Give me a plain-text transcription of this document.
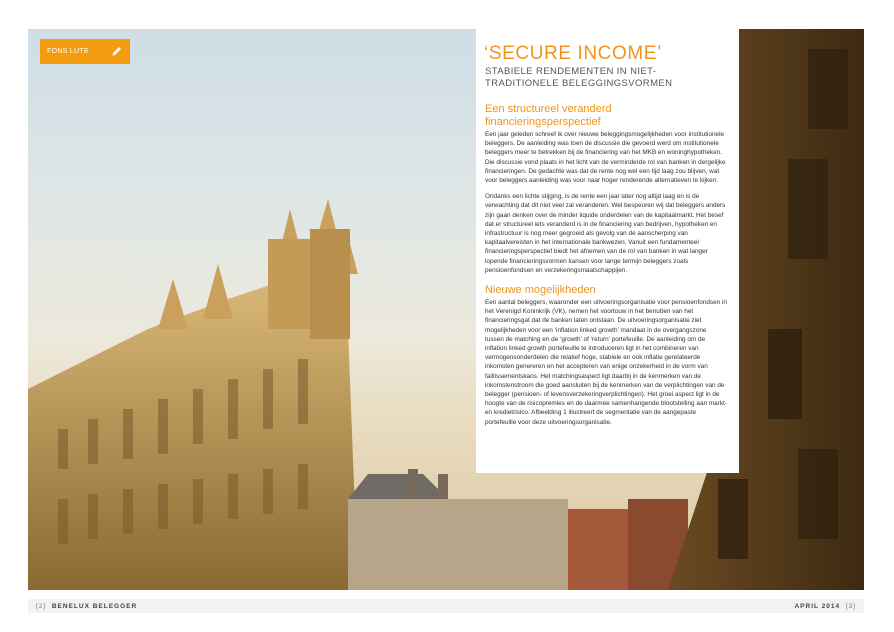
FONS LUTE	‘SECURE INCOME’
STABIELE RENDEMENTEN IN NIET-TRADITIONELE BELEGGINGSVORMEN
Een structureel veranderd financieringsperspectief

Een jaar geleden schreef ik over nieuwe beleggingsmogelijkheden voor institutionele beleggers. De aanleiding was toen de discussie die gevoerd werd om institutionele beleggers meer te betrekken bij de financiering van het MKB en woninghypotheken. Die discussie vond plaats in het licht van de verminderde rol van banken in dergelijke financieringen. De gedachte was dat de rente nog wel een tijd laag zou blijven, wat voor beleggers aanleiding was voor naar hoger renderende alternatieven te kijken.

Ondanks een lichte stijging, is de rente een jaar later nog altijd laag en is de verwachting dat dit niet veel zal veranderen. Wel bespeuren wij dat beleggers anders zijn gaan denken over de minder liquide onderdelen van de kapitaalmarkt. Het besef dat er structureel iets veranderd is in de financiering van bedrijven, hypotheken en infrastructuur is nog meer gegroeid als gevolg van de aanscherping van kapitaalvereisten in het internationale bankwezen. Vanuit een fundamenteel financieringsperspectief biedt het afnemen van de rol van banken in wat langer lopende financieringsvormen kansen voor lange termijn beleggers zoals pensioenfondsen en verzekeringsmaatschappijen.

Nieuwe mogelijkheden

Een aantal beleggers, waaronder een uitvoeringsorganisatie voor pensioenfondsen in het Verenigd Koninkrijk (VK), nemen het voortouw in het benutten van het financieringsgat dat de banken laten ontstaan. De uitvoeringsorganisatie ziet mogelijkheden voor een ‘inflation linked growth’ mandaat in de overgangszone tussen de matching en de ‘growth’ of ‘return’ portefeuille. De aanleiding om de inflation linked growth portefeuille te introduceren ligt in het combineren van vermogensonderdelen die relatief hoge, stabiele en ook inflatie gerelateerde inkomsten genereren en het accepteren van enige onzekerheid in de vorm van faillissementskans. Het matchingsaspect ligt daarbij in de kenmerken van de inkomstenstroom die goed aansluiten bij de kenmerken van de verplichtingen van de belegger (pensioen- of levensverzekeringverplichtingen). Het groei aspect ligt in de hoogte van de risicopremies en de daarmee samenhangende blootstelling aan markt- en kredietrisico. Afbeelding 1 illustreert de segmentatie van de aangepaste portefeuille voor deze uitvoeringsorganisatie.

[2] BENELUX BELEGGER	APRIL 2014 [3]
